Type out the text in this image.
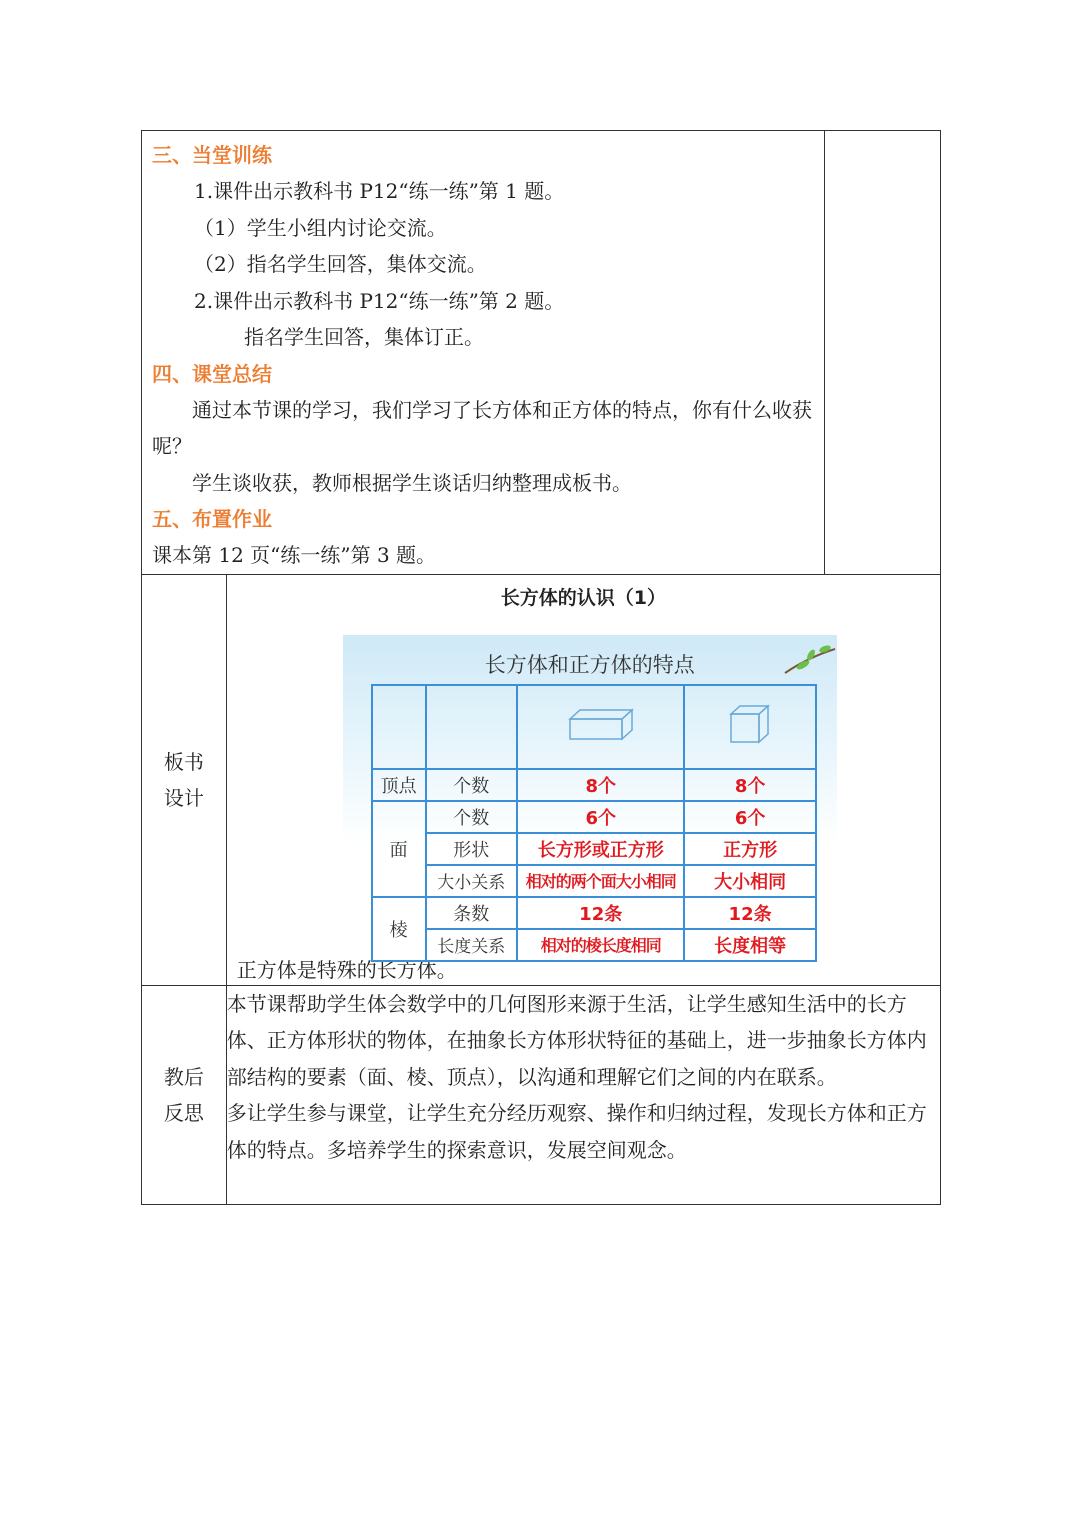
三、当堂训练
1.课件出示教科书 P12“练一练”第 1 题。
（1）学生小组内讨论交流。
（2）指名学生回答，集体交流。
2.课件出示教科书 P12“练一练”第 2 题。
指名学生回答，集体订正。
四、课堂总结
通过本节课的学习，我们学习了长方体和正方体的特点，你有什么收获呢？
学生谈收获，教师根据学生谈话归纳整理成板书。
五、布置作业
课本第 12 页“练一练”第 3 题。

板书
设计

长方体的认识（1）
长方体和正方体的特点

顶点	个数	8个	8个
面	个数	6个	6个
形状	长方形或正方形	正方形
大小关系	相对的两个面大小相同	大小相同
棱	条数	12条	12条
长度关系	相对的棱长度相同	长度相等
正方体是特殊的长方体。

教后
反思

本节课帮助学生体会数学中的几何图形来源于生活，让学生感知生活中的长方体、正方体形状的物体，在抽象长方体形状特征的基础上，进一步抽象长方体内部结构的要素（面、棱、顶点），以沟通和理解它们之间的内在联系。
多让学生参与课堂，让学生充分经历观察、操作和归纳过程，发现长方体和正方体的特点。多培养学生的探索意识，发展空间观念。
